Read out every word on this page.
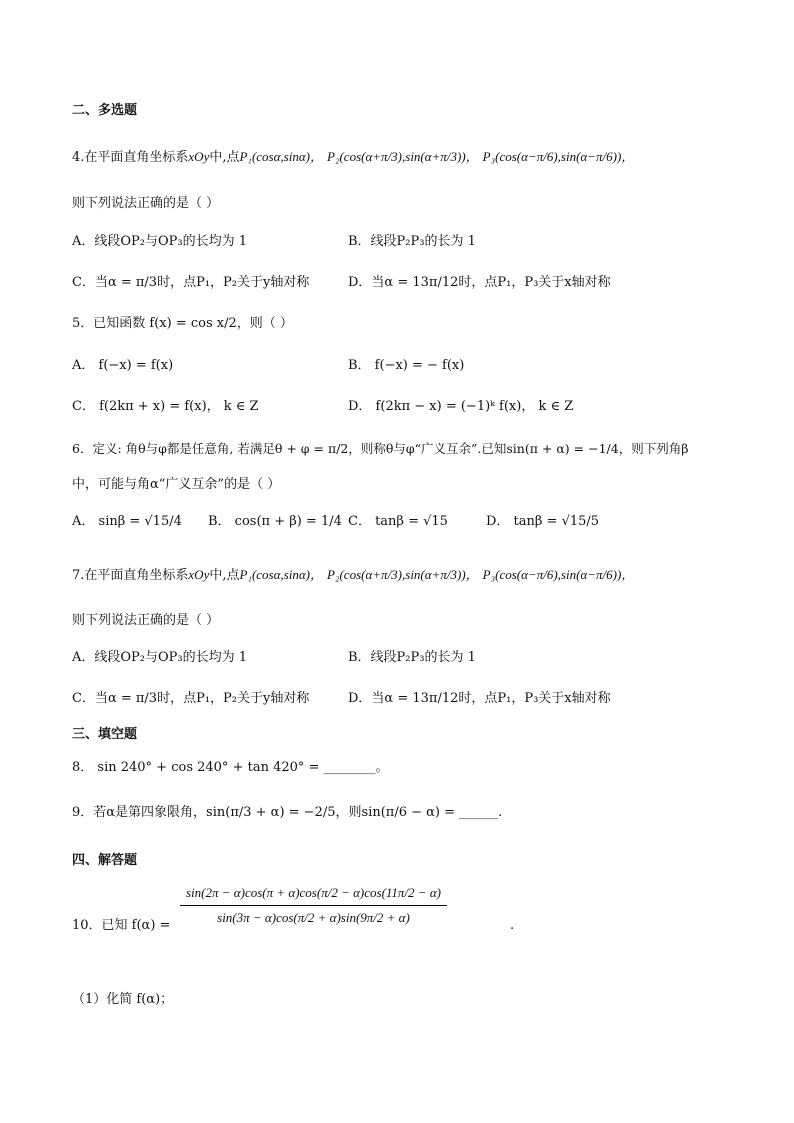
二、多选题
4.在平面直角坐标系xOy中,点P₁(cosα,sinα)， P₂(cos(α+π/3),sin(α+π/3))， P₃(cos(α−π/6),sin(α−π/6))，
则下列说法正确的是（ ）
A．线段OP₂与OP₃的长均为 1	B．线段P₂P₃的长为 1
C．当α = π/3时，点P₁，P₂关于y轴对称	D．当α = 13π/12时，点P₁，P₃关于x轴对称
5．已知函数 f(x) = cos x/2，则（ ）
A． f(−x) = f(x)	B． f(−x) = − f(x)
C． f(2kπ + x) = f(x)， k ∈ Z	D． f(2kπ − x) = (−1)ᵏ f(x)， k ∈ Z
6．定义: 角θ与φ都是任意角, 若满足θ + φ = π/2，则称θ与φ“广义互余”.已知sin(π + α) = −1/4，则下列角β
中，可能与角α“广义互余”的是（ ）
A． sinβ = √15/4 B． cos(π + β) = 1/4 C． tanβ = √15	D． tanβ = √15/5
7.在平面直角坐标系xOy中,点P₁(cosα,sinα)， P₂(cos(α+π/3),sin(α+π/3))， P₃(cos(α−π/6),sin(α−π/6))，
则下列说法正确的是（ ）
A．线段OP₂与OP₃的长均为 1	B．线段P₂P₃的长为 1
C．当α = π/3时，点P₁，P₂关于y轴对称	D．当α = 13π/12时，点P₁，P₃关于x轴对称
三、填空题
8． sin 240° + cos 240° + tan 420° = ________。
9．若α是第四象限角，sin(π/3 + α) = −2/5，则sin(π/6 − α) = ______.
四、解答题
10．已知 $f(\alpha) = \frac{\sin(2\pi - \alpha)\cos(\pi + \alpha)\cos(\pi/2 - \alpha)\cos(11\pi/2 - \alpha)}{\sin(3\pi - \alpha)\cos(\pi/2 + \alpha)\sin(9\pi/2 + \alpha)}$	.
（1）化简 f(α)；
